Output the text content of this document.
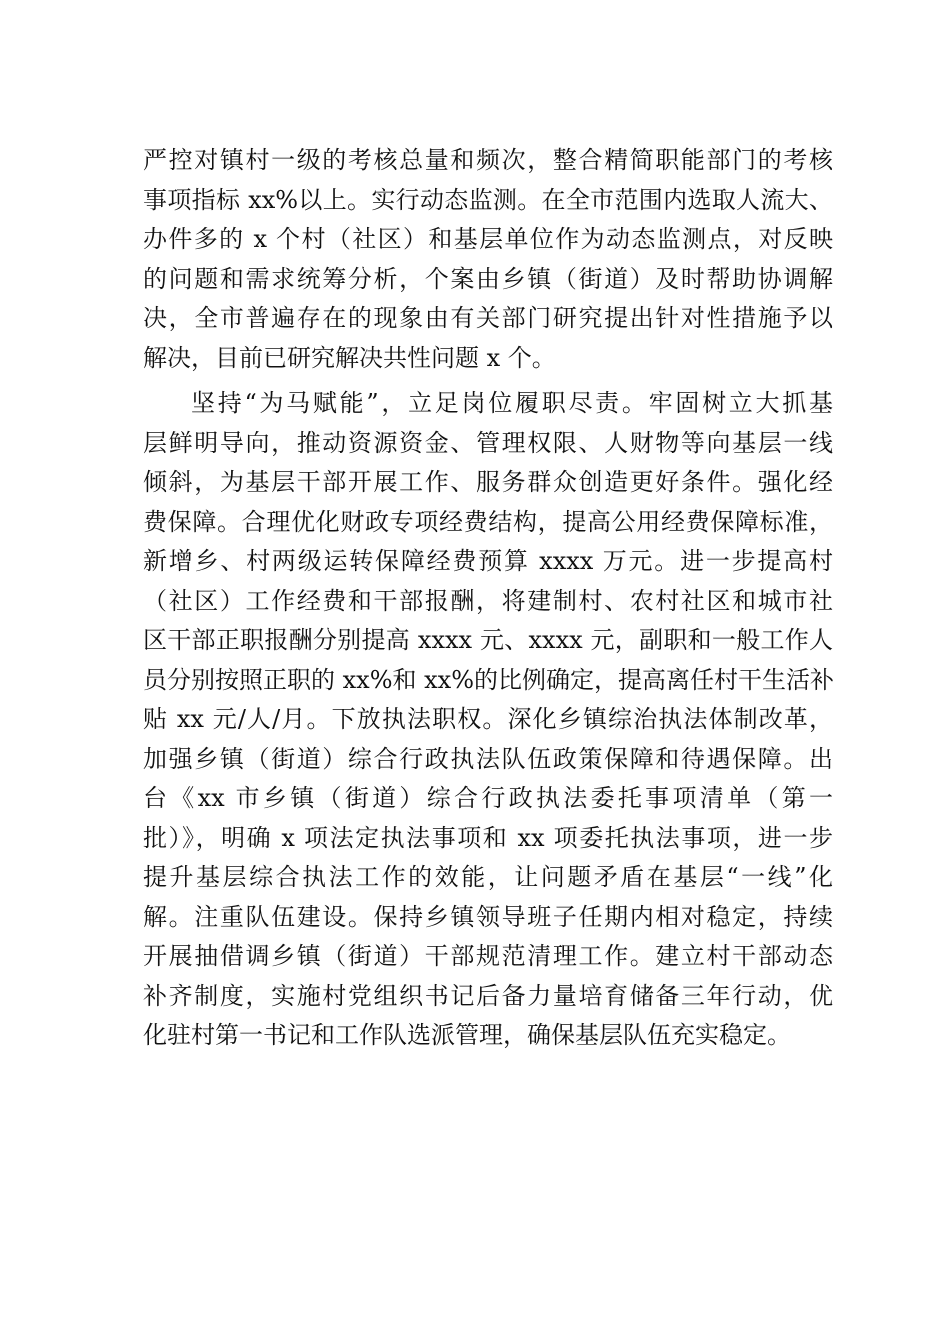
严控对镇村一级的考核总量和频次，整合精简职能部门的考核
事项指标 xx%以上。实行动态监测。在全市范围内选取人流大、
办件多的 x 个村（社区）和基层单位作为动态监测点，对反映
的问题和需求统筹分析，个案由乡镇（街道）及时帮助协调解
决，全市普遍存在的现象由有关部门研究提出针对性措施予以
解决，目前已研究解决共性问题 x 个。
坚持“为马赋能”，立足岗位履职尽责。牢固树立大抓基
层鲜明导向，推动资源资金、管理权限、人财物等向基层一线
倾斜，为基层干部开展工作、服务群众创造更好条件。强化经
费保障。合理优化财政专项经费结构，提高公用经费保障标准，
新增乡、村两级运转保障经费预算 xxxx 万元。进一步提高村
（社区）工作经费和干部报酬，将建制村、农村社区和城市社
区干部正职报酬分别提高 xxxx 元、xxxx 元，副职和一般工作人
员分别按照正职的 xx%和 xx%的比例确定，提高离任村干生活补
贴 xx 元/人/月。下放执法职权。深化乡镇综治执法体制改革，
加强乡镇（街道）综合行政执法队伍政策保障和待遇保障。出
台《xx 市乡镇（街道）综合行政执法委托事项清单（第一
批）》，明确 x 项法定执法事项和 xx 项委托执法事项，进一步
提升基层综合执法工作的效能，让问题矛盾在基层“一线”化
解。注重队伍建设。保持乡镇领导班子任期内相对稳定，持续
开展抽借调乡镇（街道）干部规范清理工作。建立村干部动态
补齐制度，实施村党组织书记后备力量培育储备三年行动，优
化驻村第一书记和工作队选派管理，确保基层队伍充实稳定。
